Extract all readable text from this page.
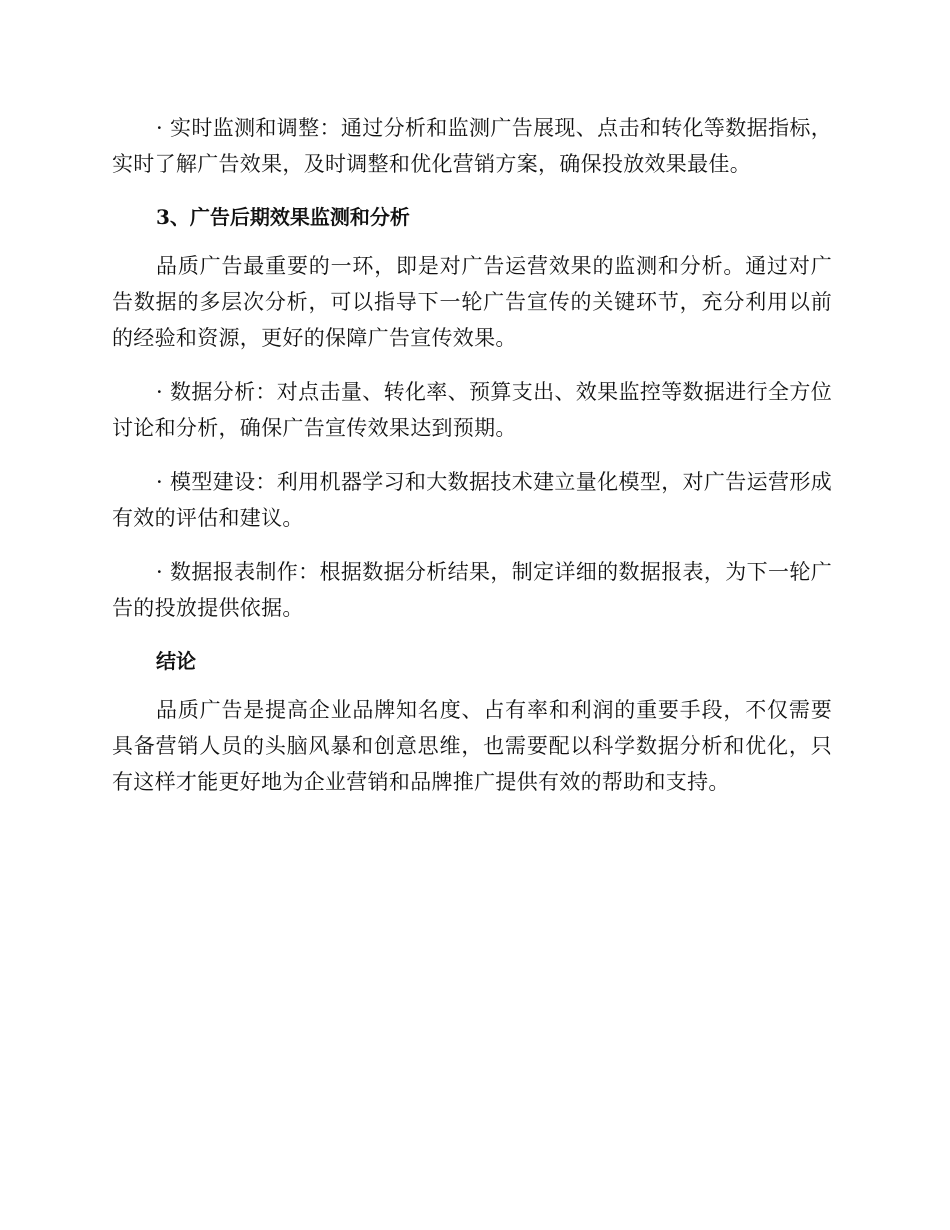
· 实时监测和调整：通过分析和监测广告展现、点击和转化等数据指标，实时了解广告效果，及时调整和优化营销方案，确保投放效果最佳。

3、广告后期效果监测和分析

品质广告最重要的一环，即是对广告运营效果的监测和分析。通过对广告数据的多层次分析，可以指导下一轮广告宣传的关键环节，充分利用以前的经验和资源，更好的保障广告宣传效果。

· 数据分析：对点击量、转化率、预算支出、效果监控等数据进行全方位讨论和分析，确保广告宣传效果达到预期。

· 模型建设：利用机器学习和大数据技术建立量化模型，对广告运营形成有效的评估和建议。

· 数据报表制作：根据数据分析结果，制定详细的数据报表，为下一轮广告的投放提供依据。

结论

品质广告是提高企业品牌知名度、占有率和利润的重要手段，不仅需要具备营销人员的头脑风暴和创意思维，也需要配以科学数据分析和优化，只有这样才能更好地为企业营销和品牌推广提供有效的帮助和支持。
